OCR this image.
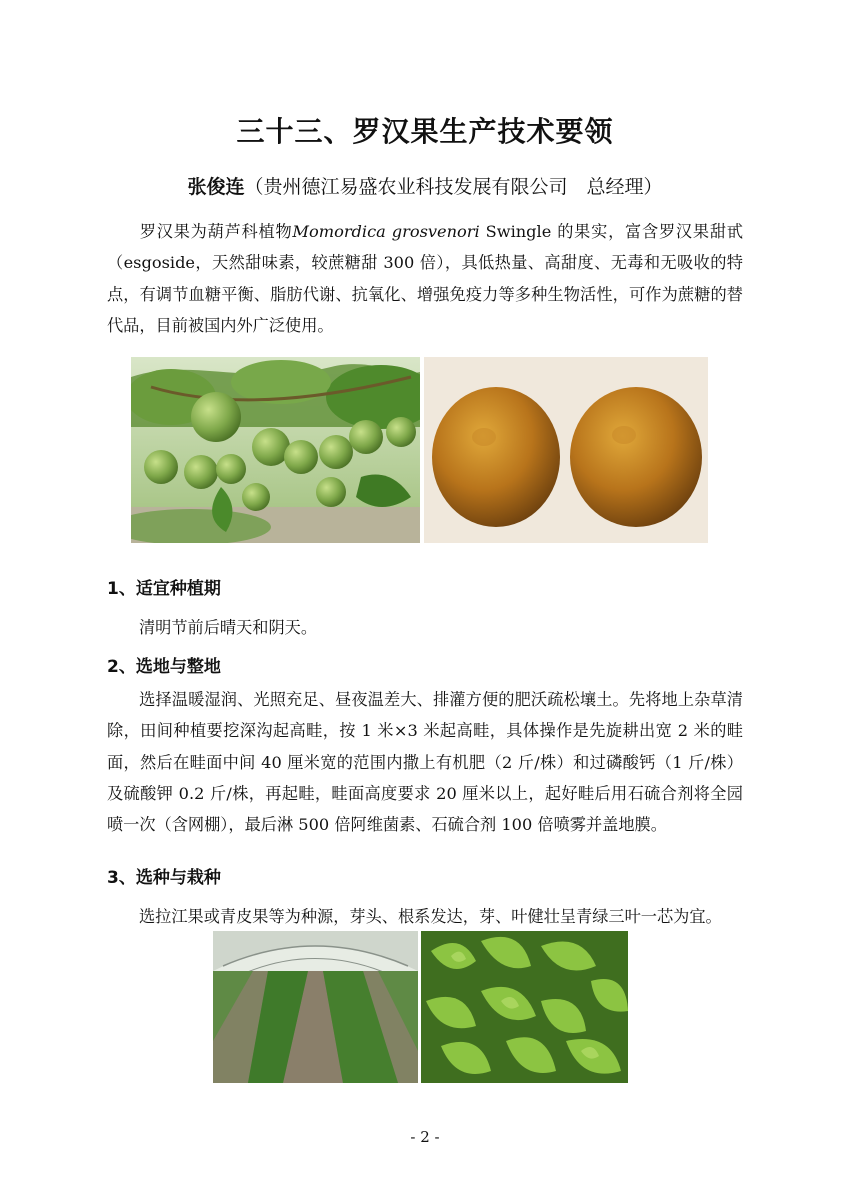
三十三、罗汉果生产技术要领
张俊连（贵州德江易盛农业科技发展有限公司　总经理）

罗汉果为葫芦科植物Momordica grosvenori Swingle 的果实，富含罗汉果甜甙（esgoside，天然甜味素，较蔗糖甜 300 倍），具低热量、高甜度、无毒和无吸收的特点，有调节血糖平衡、脂肪代谢、抗氧化、增强免疫力等多种生物活性，可作为蔗糖的替代品，目前被国内外广泛使用。

1、适宜种植期
清明节前后晴天和阴天。
2、选地与整地

选择温暖湿润、光照充足、昼夜温差大、排灌方便的肥沃疏松壤土。先将地上杂草清除，田间种植要挖深沟起高畦，按 1 米×3 米起高畦，具体操作是先旋耕出宽 2 米的畦面，然后在畦面中间 40 厘米宽的范围内撒上有机肥（2 斤/株）和过磷酸钙（1 斤/株）及硫酸钾 0.2 斤/株，再起畦，畦面高度要求 20 厘米以上，起好畦后用石硫合剂将全园喷一次（含网棚），最后淋 500 倍阿维菌素、石硫合剂 100 倍喷雾并盖地膜。

3、选种与栽种
选拉江果或青皮果等为种源，芽头、根系发达，芽、叶健壮呈青绿三叶一芯为宜。
- 2 -
